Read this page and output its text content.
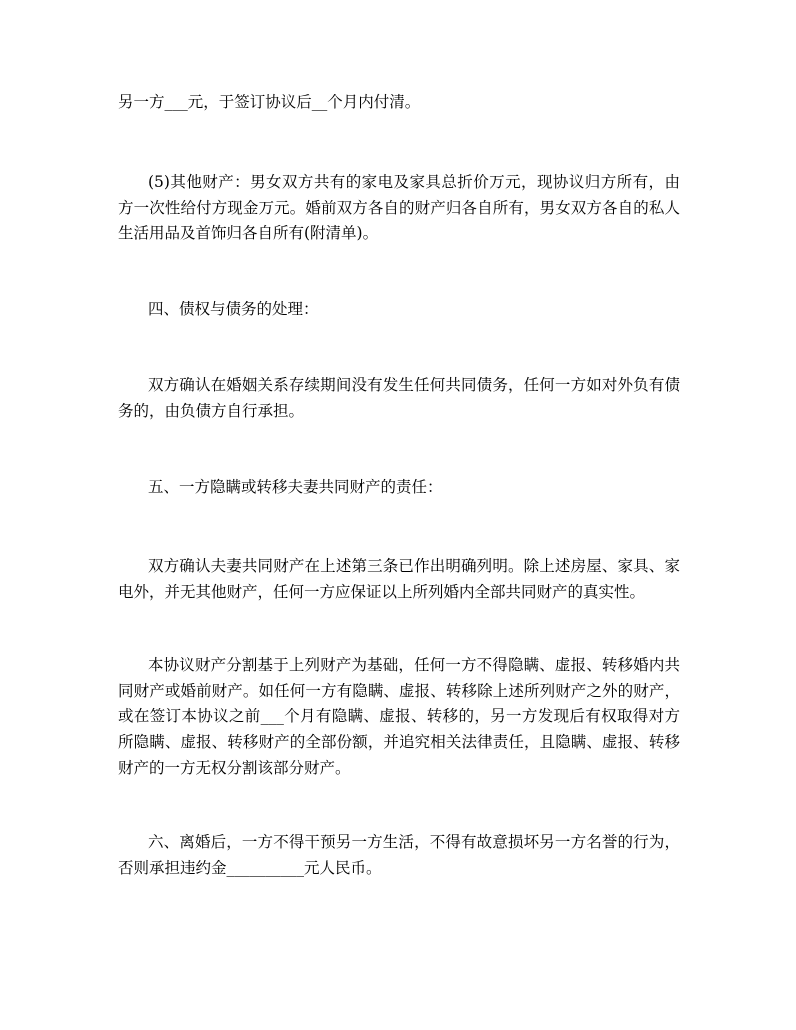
另一方___元，于签订协议后__个月内付清。
(5)其他财产：男女双方共有的家电及家具总折价万元，现协议归方所有，由
方一次性给付方现金万元。婚前双方各自的财产归各自所有，男女双方各自的私人
生活用品及首饰归各自所有(附清单)。
四、债权与债务的处理：
双方确认在婚姻关系存续期间没有发生任何共同债务，任何一方如对外负有债
务的，由负债方自行承担。
五、一方隐瞒或转移夫妻共同财产的责任：
双方确认夫妻共同财产在上述第三条已作出明确列明。除上述房屋、家具、家
电外，并无其他财产，任何一方应保证以上所列婚内全部共同财产的真实性。
本协议财产分割基于上列财产为基础，任何一方不得隐瞒、虚报、转移婚内共
同财产或婚前财产。如任何一方有隐瞒、虚报、转移除上述所列财产之外的财产，
或在签订本协议之前___个月有隐瞒、虚报、转移的，另一方发现后有权取得对方
所隐瞒、虚报、转移财产的全部份额，并追究相关法律责任，且隐瞒、虚报、转移
财产的一方无权分割该部分财产。
六、离婚后，一方不得干预另一方生活，不得有故意损坏另一方名誉的行为，
否则承担违约金__________元人民币。
